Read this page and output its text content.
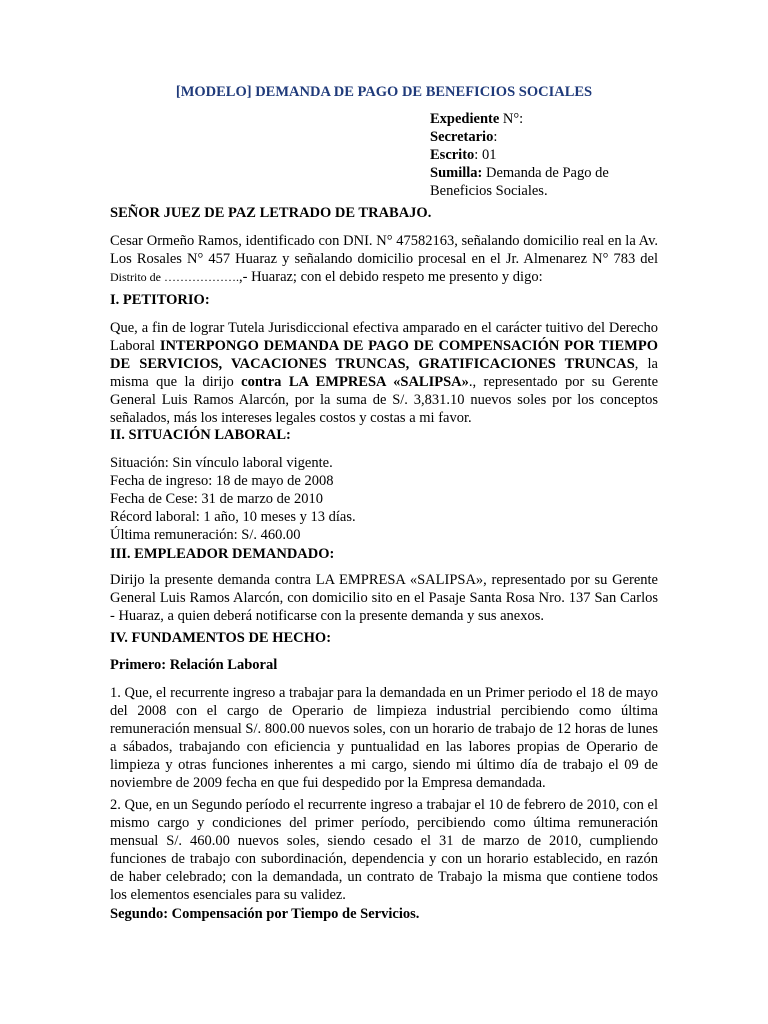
[MODELO] DEMANDA DE PAGO DE BENEFICIOS SOCIALES
Expediente N°:
Secretario:
Escrito: 01
Sumilla: Demanda de Pago de
Beneficios Sociales.
SEÑOR JUEZ DE PAZ LETRADO DE TRABAJO.
Cesar Ormeño Ramos, identificado con DNI. N° 47582163, señalando domicilio real en la Av. Los Rosales N° 457 Huaraz y señalando domicilio procesal en el Jr. Almenarez N° 783 del Distrito de ……………….,- Huaraz; con el debido respeto me presento y digo:
I. PETITORIO:
Que, a fin de lograr Tutela Jurisdiccional efectiva amparado en el carácter tuitivo del Derecho Laboral INTERPONGO DEMANDA DE PAGO DE COMPENSACIÓN POR TIEMPO DE SERVICIOS, VACACIONES TRUNCAS, GRATIFICACIONES TRUNCAS, la misma que la dirijo contra LA EMPRESA «SALIPSA»., representado por su Gerente General Luis Ramos Alarcón, por la suma de S/. 3,831.10 nuevos soles por los conceptos señalados, más los intereses legales costos y costas a mi favor.
II. SITUACIÓN LABORAL:
Situación: Sin vínculo laboral vigente.
Fecha de ingreso: 18 de mayo de 2008
Fecha de Cese: 31 de marzo de 2010
Récord laboral: 1 año, 10 meses y 13 días.
Última remuneración: S/. 460.00
III. EMPLEADOR DEMANDADO:
Dirijo la presente demanda contra LA EMPRESA «SALIPSA», representado por su Gerente General Luis Ramos Alarcón, con domicilio sito en el Pasaje Santa Rosa Nro. 137 San Carlos - Huaraz, a quien deberá notificarse con la presente demanda y sus anexos.
IV. FUNDAMENTOS DE HECHO:
Primero: Relación Laboral
1. Que, el recurrente ingreso a trabajar para la demandada en un Primer periodo el 18 de mayo del 2008 con el cargo de Operario de limpieza industrial percibiendo como última remuneración mensual S/. 800.00 nuevos soles, con un horario de trabajo de 12 horas de lunes a sábados, trabajando con eficiencia y puntualidad en las labores propias de Operario de limpieza y otras funciones inherentes a mi cargo, siendo mi último día de trabajo el 09 de noviembre de 2009 fecha en que fui despedido por la Empresa demandada.
2. Que, en un Segundo período el recurrente ingreso a trabajar el 10 de febrero de 2010, con el mismo cargo y condiciones del primer período, percibiendo como última remuneración mensual S/. 460.00 nuevos soles, siendo cesado el 31 de marzo de 2010, cumpliendo funciones de trabajo con subordinación, dependencia y con un horario establecido, en razón de haber celebrado; con la demandada, un contrato de Trabajo la misma que contiene todos los elementos esenciales para su validez.
Segundo: Compensación por Tiempo de Servicios.
